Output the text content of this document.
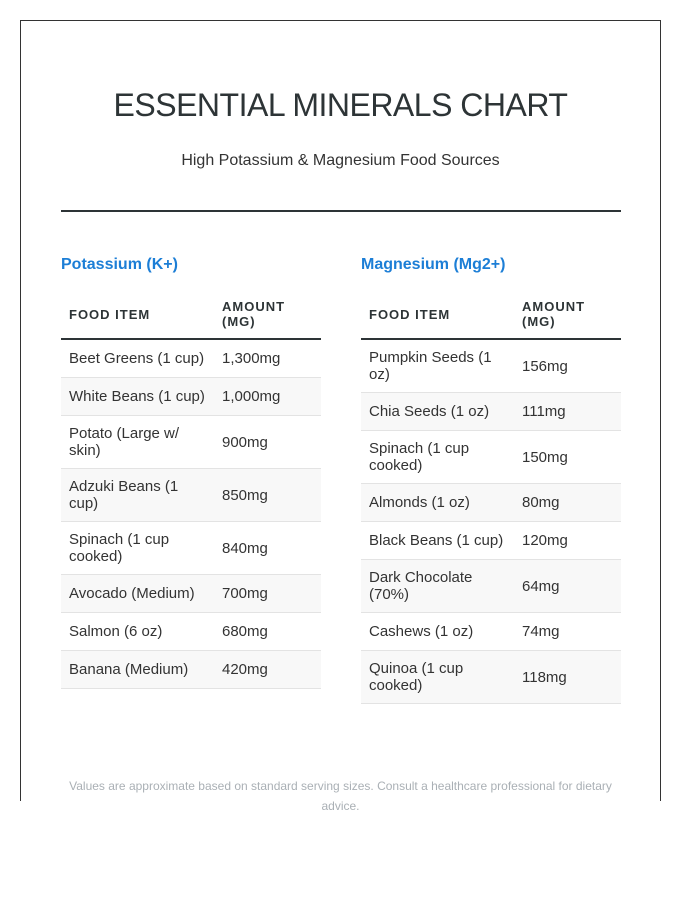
ESSENTIAL MINERALS CHART

High Potassium & Magnesium Food Sources

Potassium (K+)
FOOD ITEM	AMOUNT (MG)
Beet Greens (1 cup)	1,300mg
White Beans (1 cup)	1,000mg
Potato (Large w/ skin)	900mg
Adzuki Beans (1 cup)	850mg
Spinach (1 cup cooked)	840mg
Avocado (Medium)	700mg
Salmon (6 oz)	680mg
Banana (Medium)	420mg
Magnesium (Mg2+)
FOOD ITEM	AMOUNT (MG)
Pumpkin Seeds (1 oz)	156mg
Chia Seeds (1 oz)	111mg
Spinach (1 cup cooked)	150mg
Almonds (1 oz)	80mg
Black Beans (1 cup)	120mg
Dark Chocolate (70%)	64mg
Cashews (1 oz)	74mg
Quinoa (1 cup cooked)	118mg

Values are approximate based on standard serving sizes. Consult a healthcare professional for dietary advice.
